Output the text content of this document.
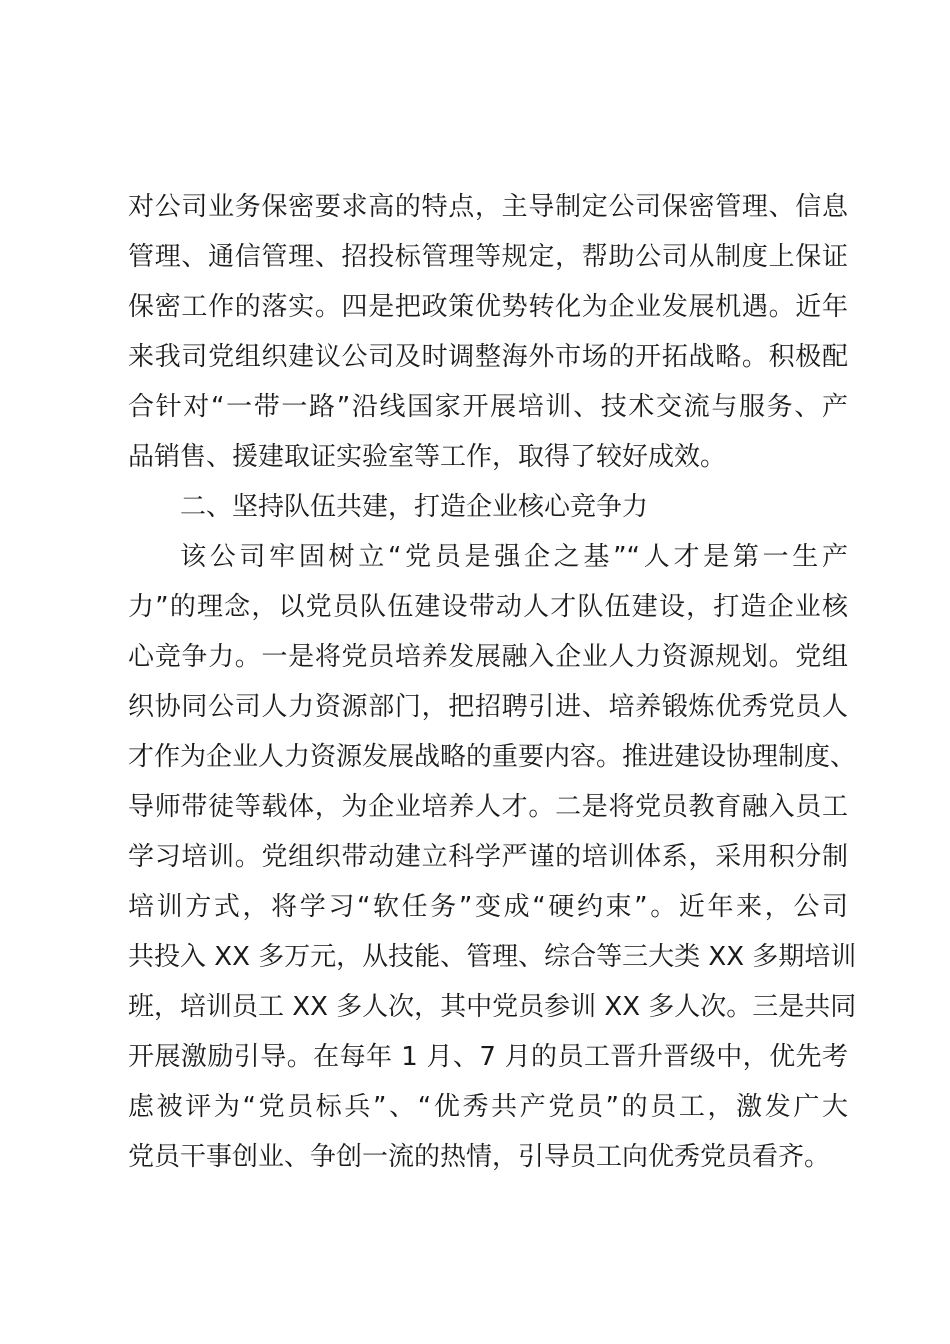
对公司业务保密要求高的特点，主导制定公司保密管理、信息
管理、通信管理、招投标管理等规定，帮助公司从制度上保证
保密工作的落实。四是把政策优势转化为企业发展机遇。近年
来我司党组织建议公司及时调整海外市场的开拓战略。积极配
合针对“一带一路”沿线国家开展培训、技术交流与服务、产
品销售、援建取证实验室等工作，取得了较好成效。
二、坚持队伍共建，打造企业核心竞争力
该公司牢固树立“党员是强企之基”“人才是第一生产
力”的理念，以党员队伍建设带动人才队伍建设，打造企业核
心竞争力。一是将党员培养发展融入企业人力资源规划。党组
织协同公司人力资源部门，把招聘引进、培养锻炼优秀党员人
才作为企业人力资源发展战略的重要内容。推进建设协理制度、
导师带徒等载体，为企业培养人才。二是将党员教育融入员工
学习培训。党组织带动建立科学严谨的培训体系，采用积分制
培训方式，将学习“软任务”变成“硬约束”。近年来，公司
共投入 XX 多万元，从技能、管理、综合等三大类 XX 多期培训
班，培训员工 XX 多人次，其中党员参训 XX 多人次。三是共同
开展激励引导。在每年 1 月、7 月的员工晋升晋级中，优先考
虑被评为“党员标兵”、“优秀共产党员”的员工，激发广大
党员干事创业、争创一流的热情，引导员工向优秀党员看齐。
